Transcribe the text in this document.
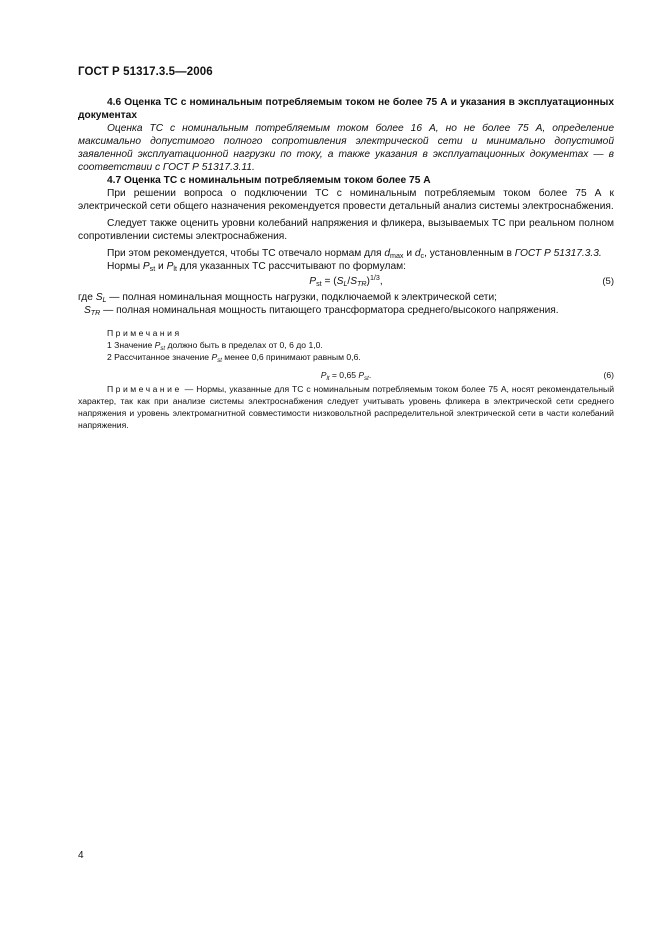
ГОСТ Р 51317.3.5—2006

4.6 Оценка ТС с номинальным потребляемым током не более 75 А и указания в эксплуатационных документах

Оценка ТС с номинальным потребляемым током более 16 А, но не более 75 А, определение максимально допустимого полного сопротивления электрической сети и минимально допустимой заявленной эксплуатационной нагрузки по току, а также указания в эксплуатационных документах — в соответствии с ГОСТ Р 51317.3.11.

4.7 Оценка ТС с номинальным потребляемым током более 75 А

При решении вопроса о подключении ТС с номинальным потребляемым током более 75 А к электрической сети общего назначения рекомендуется провести детальный анализ системы электроснабжения.

Следует также оценить уровни колебаний напряжения и фликера, вызываемых ТС при реальном полном сопротивлении системы электроснабжения.

При этом рекомендуется, чтобы ТС отвечало нормам для $d_{max}$ и $d_c$, установленным в ГОСТ Р 51317.3.3.

Нормы $P_{st}$ и $P_{lt}$ для указанных ТС рассчитывают по формулам:

$P_{st} = (S_L/S_{TR})^{1/3}$,	(5)

где $S_L$ — полная номинальная мощность нагрузки, подключаемой к электрической сети;

$S_{TR}$ — полная номинальная мощность питающего трансформатора среднего/высокого напряжения.

Примечания
1 Значение $P_{st}$ должно быть в пределах от 0, 6 до 1,0.
2 Рассчитанное значение $P_{st}$ менее 0,6 принимают равным 0,6.
$P_{lt} = 0,65$ $P_{st}$.	(6)

Примечание — Нормы, указанные для ТС с номинальным потребляемым током более 75 А, носят рекомендательный характер, так как при анализе системы электроснабжения следует учитывать уровень фликера в электрической сети среднего напряжения и уровень электромагнитной совместимости низковольтной распределительной электрической сети в части колебаний напряжения.

4
